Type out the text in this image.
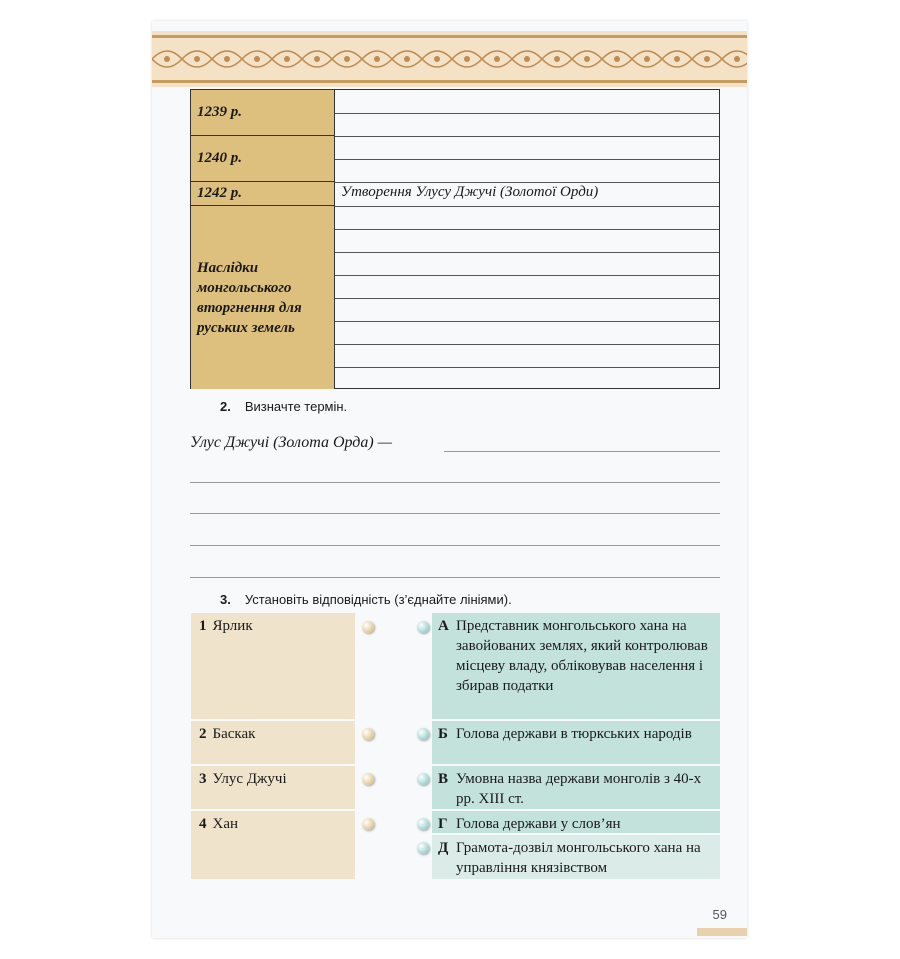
1239 р.
1240 р.
1242 р.
Наслідки монгольського вторгнення для руських земель
Утворення Улусу Джучі (Золотої Орди)
2. Визначте термін.
Улус Джучі (Золота Орда) —
3. Установіть відповідність (з’єднайте лініями).
1 Ярлик
2 Баскак
3 Улус Джучі
4 Хан
А Представник монгольського хана на завойованих землях, який контролював місцеву владу, обліковував населення і збирав податки
Б Голова держави в тюркських народів
В Умовна назва держави монголів з 40-х рр. XIII ст.
Г Голова держави у слов’ян
Д Грамота-дозвіл монгольського хана на управління князівством
59
